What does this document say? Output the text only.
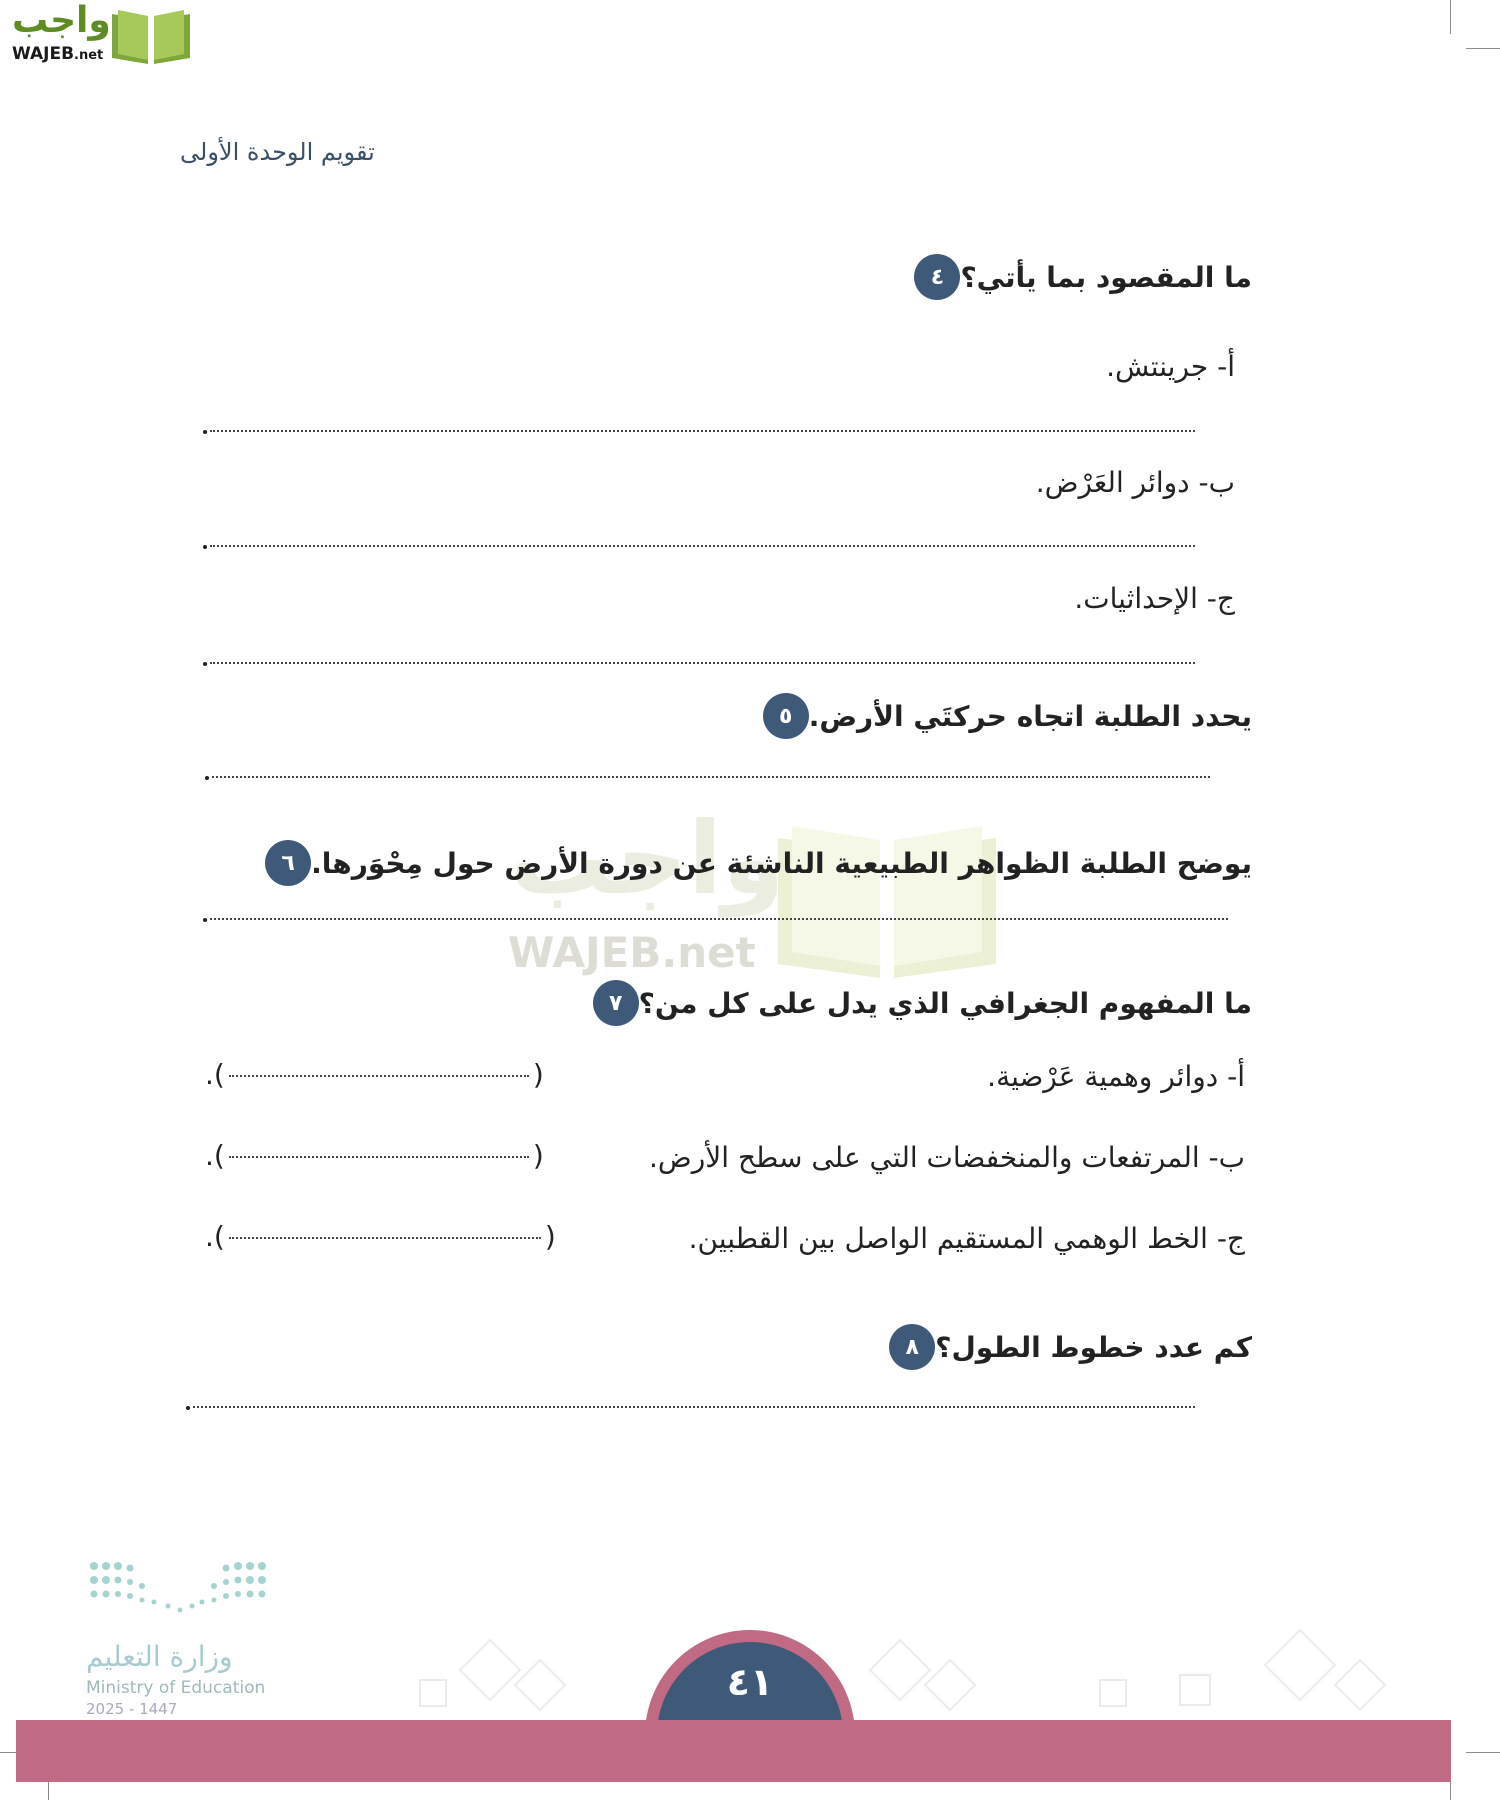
واجب
WAJEB.net
تقويم الوحدة الأولى
٤ ما المقصود بما يأتي؟
أ- جرينتش.
ب- دوائر العَرْض.
ج- الإحداثيات.
٥ يحدد الطلبة اتجاه حركتَي الأرض.
واجب
WAJEB.net
٦ يوضح الطلبة الظواهر الطبيعية الناشئة عن دورة الأرض حول مِحْوَرها.
٧ ما المفهوم الجغرافي الذي يدل على كل من؟
أ- دوائر وهمية عَرْضية.
.(	)
ب- المرتفعات والمنخفضات التي على سطح الأرض.
.(	)
ج- الخط الوهمي المستقيم الواصل بين القطبين.
.(	)
٨ كم عدد خطوط الطول؟
وزارة التعليم
Ministry of Education
2025 - 1447
٤١
